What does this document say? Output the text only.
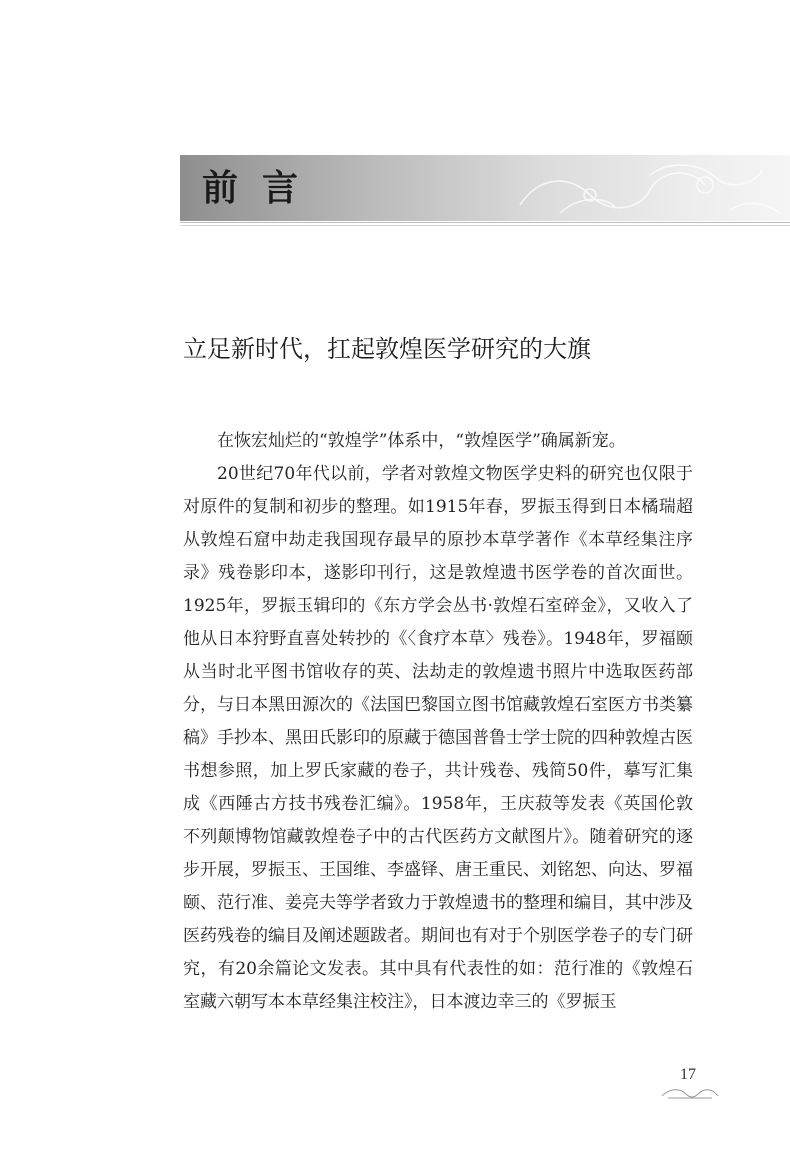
前言
立足新时代，扛起敦煌医学研究的大旗

在恢宏灿烂的“敦煌学”体系中，“敦煌医学”确属新宠。

20世纪70年代以前，学者对敦煌文物医学史料的研究也仅限于对原件的复制和初步的整理。如1915年春，罗振玉得到日本橘瑞超从敦煌石窟中劫走我国现存最早的原抄本草学著作《本草经集注序录》残卷影印本，遂影印刊行，这是敦煌遗书医学卷的首次面世。1925年，罗振玉辑印的《东方学会丛书·敦煌石室碎金》，又收入了他从日本狩野直喜处转抄的《〈食疗本草〉残卷》。1948年，罗福颐从当时北平图书馆收存的英、法劫走的敦煌遗书照片中选取医药部分，与日本黑田源次的《法国巴黎国立图书馆藏敦煌石室医方书类纂稿》手抄本、黑田氏影印的原藏于德国普鲁士学士院的四种敦煌古医书想参照，加上罗氏家藏的卷子，共计残卷、残简50件，摹写汇集成《西陲古方技书残卷汇编》。1958年，王庆菽等发表《英国伦敦不列颠博物馆藏敦煌卷子中的古代医药方文献图片》。随着研究的逐步开展，罗振玉、王国维、李盛铎、唐王重民、刘铭恕、向达、罗福颐、范行准、姜亮夫等学者致力于敦煌遗书的整理和编目，其中涉及医药残卷的编目及阐述题跋者。期间也有对于个别医学卷子的专门研究，有20余篇论文发表。其中具有代表性的如：范行准的《敦煌石室藏六朝写本本草经集注校注》，日本渡边幸三的《罗振玉

17
